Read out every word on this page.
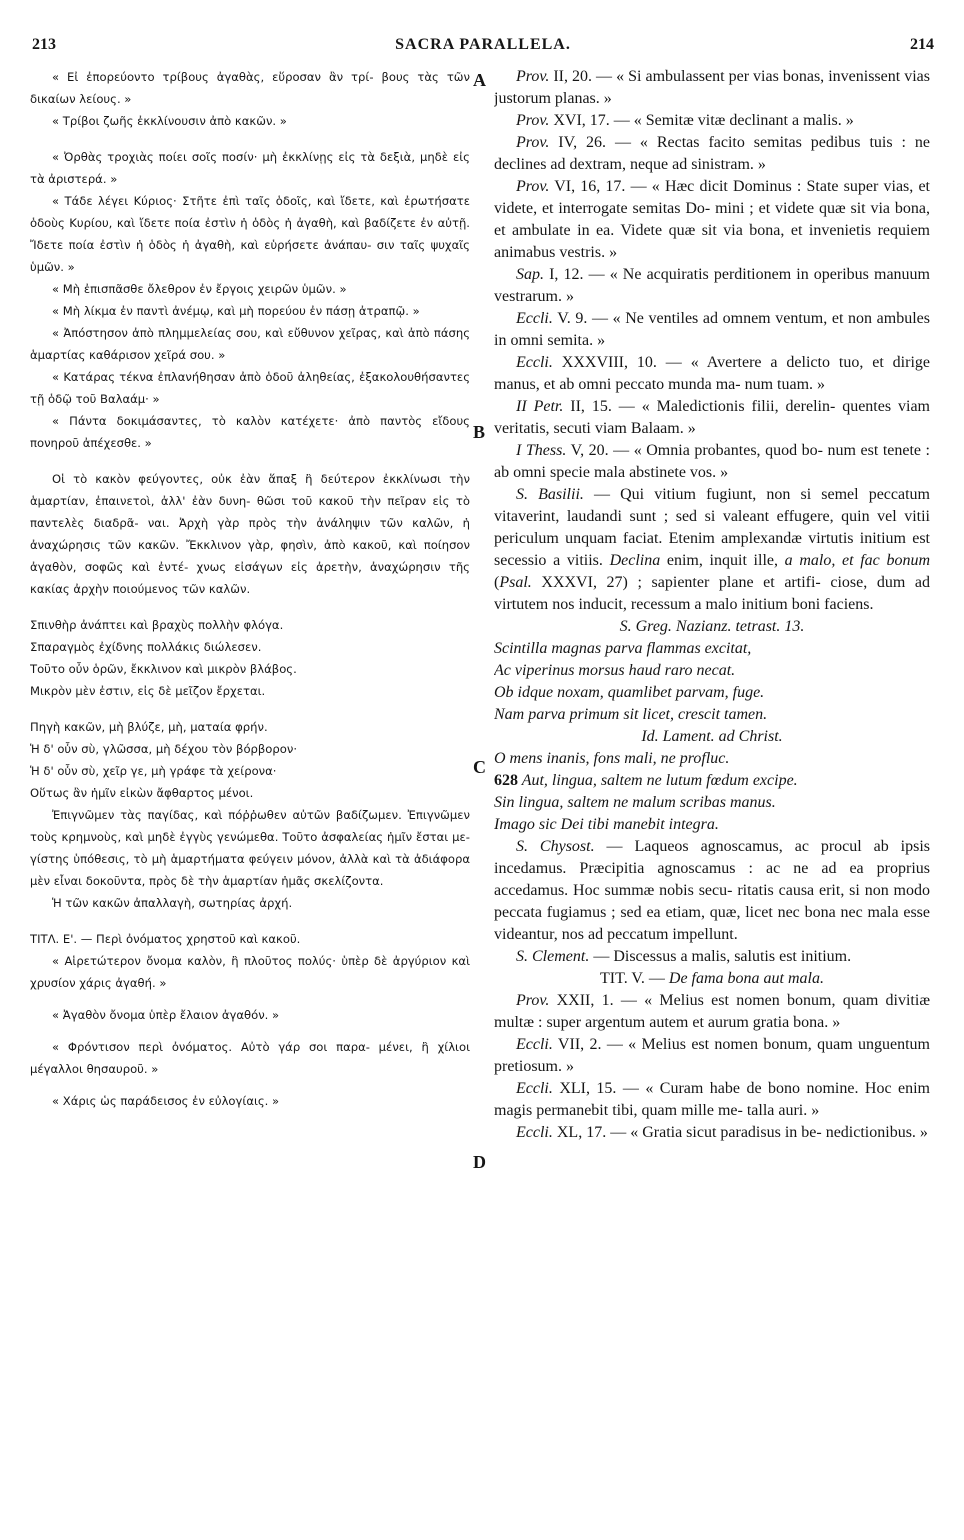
213	SACRA PARALLELA.	214
A
B
C
D

« Εἰ ἐπορεύοντο τρίβους ἀγαθὰς, εὕροσαν ἂν τρί- βους τὰς τῶν δικαίων λείους. »

« Τρίβοι ζωῆς ἐκκλίνουσιν ἀπὸ κακῶν. »

« Ὀρθὰς τροχιὰς ποίει σοῖς ποσίν· μὴ ἐκκλίνῃς εἰς τὰ δεξιὰ, μηδὲ εἰς τὰ ἀριστερά. »

« Τάδε λέγει Κύριος· Στῆτε ἐπὶ ταῖς ὁδοῖς, καὶ ἴδετε, καὶ ἐρωτήσατε ὁδοὺς Κυρίου, καὶ ἴδετε ποία ἐστὶν ἡ ὁδὸς ἡ ἀγαθὴ, καὶ βαδίζετε ἐν αὐτῇ. Ἴδετε ποία ἐστὶν ἡ ὁδὸς ἡ ἀγαθὴ, καὶ εὑρήσετε ἀνάπαυ- σιν ταῖς ψυχαῖς ὑμῶν. »

« Μὴ ἐπισπᾶσθε ὄλεθρον ἐν ἔργοις χειρῶν ὑμῶν. »

« Μὴ λίκμα ἐν παντὶ ἀνέμῳ, καὶ μὴ πορεύου ἐν πάσῃ ἀτραπῷ. »

« Ἀπόστησον ἀπὸ πλημμελείας σου, καὶ εὔθυνον χεῖρας, καὶ ἀπὸ πάσης ἁμαρτίας καθάρισον χεῖρά σου. »

« Κατάρας τέκνα ἐπλανήθησαν ἀπὸ ὁδοῦ ἀληθείας, ἐξακολουθήσαντες τῇ ὁδῷ τοῦ Βαλαάμ· »

« Πάντα δοκιμάσαντες, τὸ καλὸν κατέχετε· ἀπὸ παντὸς εἴδους πονηροῦ ἀπέχεσθε. »

Οἱ τὸ κακὸν φεύγοντες, οὐκ ἐὰν ἅπαξ ἢ δεύτερον ἐκκλίνωσι τὴν ἁμαρτίαν, ἐπαινετοὶ, ἀλλ' ἐὰν δυνη- θῶσι τοῦ κακοῦ τὴν πεῖραν εἰς τὸ παντελὲς διαδρᾶ- ναι. Ἀρχὴ γὰρ πρὸς τὴν ἀνάληψιν τῶν καλῶν, ἡ ἀναχώρησις τῶν κακῶν. Ἔκκλινον γὰρ, φησὶν, ἀπὸ κακοῦ, καὶ ποίησον ἀγαθὸν, σοφῶς καὶ ἐντέ- χνως εἰσάγων εἰς ἀρετὴν, ἀναχώρησιν τῆς κακίας ἀρχὴν ποιούμενος τῶν καλῶν.

Σπινθὴρ ἀνάπτει καὶ βραχὺς πολλὴν φλόγα.

Σπαραγμὸς ἐχίδνης πολλάκις διώλεσεν.

Τοῦτο οὖν ὁρῶν, ἔκκλινον καὶ μικρὸν βλάβος.

Μικρὸν μὲν ἐστιν, εἰς δὲ μεῖζον ἔρχεται.

Πηγὴ κακῶν, μὴ βλύζε, μὴ, ματαία φρήν.

Ἡ δ' οὖν σὺ, γλῶσσα, μὴ δέχου τὸν βόρβορον·

Ἡ δ' οὖν σὺ, χεῖρ γε, μὴ γράφε τὰ χείρονα·

Οὕτως ἂν ἡμῖν εἰκὼν ἄφθαρτος μένοι.

Ἐπιγνῶμεν τὰς παγίδας, καὶ πόῤῥωθεν αὐτῶν βαδίζωμεν. Ἐπιγνῶμεν τοὺς κρημνοὺς, καὶ μηδὲ ἐγγὺς γενώμεθα. Τοῦτο ἀσφαλείας ἡμῖν ἔσται με- γίστης ὑπόθεσις, τὸ μὴ ἁμαρτήματα φεύγειν μόνον, ἀλλὰ καὶ τὰ ἀδιάφορα μὲν εἶναι δοκοῦντα, πρὸς δὲ τὴν ἁμαρτίαν ἡμᾶς σκελίζοντα.

Ἡ τῶν κακῶν ἀπαλλαγὴ, σωτηρίας ἀρχή.

ΤΙΤΛ. Ε'. — Περὶ ὀνόματος χρηστοῦ καὶ κακοῦ.

« Αἱρετώτερον ὄνομα καλὸν, ἢ πλοῦτος πολύς· ὑπὲρ δὲ ἀργύριον καὶ χρυσίον χάρις ἀγαθή. »

« Ἀγαθὸν ὄνομα ὑπὲρ ἔλαιον ἀγαθόν. »

« Φρόντισον περὶ ὀνόματος. Αὐτὸ γάρ σοι παρα- μένει, ἢ χίλιοι μέγαλλοι θησαυροῦ. »

« Χάρις ὡς παράδεισος ἐν εὐλογίαις. »

Prov. II, 20. — « Si ambulassent per vias bonas, invenissent vias justorum planas. »

Prov. XVI, 17. — « Semitæ vitæ declinant a malis. »

Prov. IV, 26. — « Rectas facito semitas pedibus tuis : ne declines ad dextram, neque ad sinistram. »

Prov. VI, 16, 17. — « Hæc dicit Dominus : State super vias, et videte, et interrogate semitas Do- mini ; et videte quæ sit via bona, et ambulate in ea. Videte quæ sit via bona, et invenietis requiem animabus vestris. »

Sap. I, 12. — « Ne acquiratis perditionem in operibus manuum vestrarum. »

Eccli. V. 9. — « Ne ventiles ad omnem ventum, et non ambules in omni semita. »

Eccli. XXXVIII, 10. — « Avertere a delicto tuo, et dirige manus, et ab omni peccato munda ma- num tuam. »

II Petr. II, 15. — « Maledictionis filii, derelin- quentes viam veritatis, secuti viam Balaam. »

I Thess. V, 20. — « Omnia probantes, quod bo- num est tenete : ab omni specie mala abstinete vos. »

S. Basilii. — Qui vitium fugiunt, non si semel peccatum vitaverint, laudandi sunt ; sed si valeant effugere, quin vel vitii periculum unquam faciat. Etenim amplexandæ virtutis initium est secessio a vitiis. Declina enim, inquit ille, a malo, et fac bonum (Psal. XXXVI, 27) ; sapienter plane et artifi- ciose, dum ad virtutem nos inducit, recessum a malo initium boni faciens.

S. Greg. Nazianz. tetrast. 13.

Scintilla magnas parva flammas excitat,

Ac viperinus morsus haud raro necat.

Ob idque noxam, quamlibet parvam, fuge.

Nam parva primum sit licet, crescit tamen.

Id. Lament. ad Christ.

O mens inanis, fons mali, ne profluc.

628 Aut, lingua, saltem ne lutum fœdum excipe.

Sin lingua, saltem ne malum scribas manus.

Imago sic Dei tibi manebit integra.

S. Chysost. — Laqueos agnoscamus, ac procul ab ipsis incedamus. Præcipitia agnoscamus : ac ne ad ea proprius accedamus. Hoc summæ nobis secu- ritatis causa erit, si non modo peccata fugiamus ; sed ea etiam, quæ, licet nec bona nec mala esse videantur, nos ad peccatum impellunt.

S. Clement. — Discessus a malis, salutis est initium.

TIT. V. — De fama bona aut mala.

Prov. XXII, 1. — « Melius est nomen bonum, quam divitiæ multæ : super argentum autem et aurum gratia bona. »

Eccli. VII, 2. — « Melius est nomen bonum, quam unguentum pretiosum. »

Eccli. XLI, 15. — « Curam habe de bono nomine. Hoc enim magis permanebit tibi, quam mille me- talla auri. »

Eccli. XL, 17. — « Gratia sicut paradisus in be- nedictionibus. »
